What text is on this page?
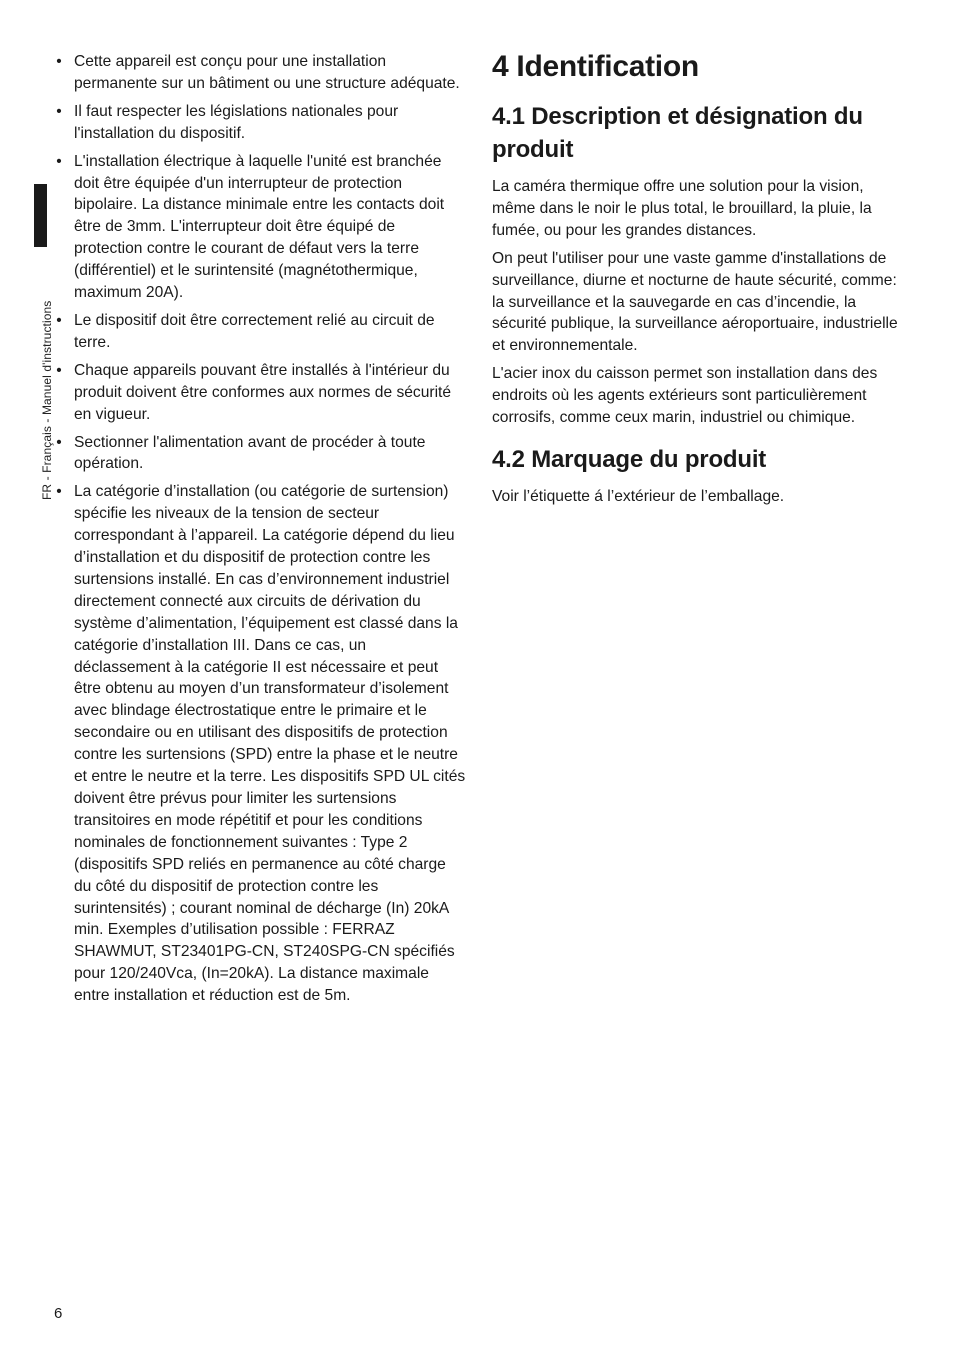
FR - Français - Manuel d'instructions
• Cette appareil est conçu pour une installation permanente sur un bâtiment ou une structure adéquate.
• Il faut respecter les législations nationales pour l'installation du dispositif.
• L'installation électrique à laquelle l'unité est branchée doit être équipée d'un interrupteur de protection bipolaire. La distance minimale entre les contacts doit être de 3mm. L'interrupteur doit être équipé de protection contre le courant de défaut vers la terre (différentiel) et le surintensité (magnétothermique, maximum 20A).
• Le dispositif doit être correctement relié au circuit de terre.
• Chaque appareils pouvant être installés à l'intérieur du produit doivent être conformes aux normes de sécurité en vigueur.
• Sectionner l'alimentation avant de procéder à toute opération.
• La catégorie d’installation (ou catégorie de surtension) spécifie les niveaux de la tension de secteur correspondant à l’appareil. La catégorie dépend du lieu d’installation et du dispositif de protection contre les surtensions installé. En cas d’environnement industriel directement connecté aux circuits de dérivation du système d’alimentation, l’équipement est classé dans la catégorie d’installation III. Dans ce cas, un déclassement à la catégorie II est nécessaire et peut être obtenu au moyen d’un transformateur d’isolement avec blindage électrostatique entre le primaire et le secondaire ou en utilisant des dispositifs de protection contre les surtensions (SPD) entre la phase et le neutre et entre le neutre et la terre. Les dispositifs SPD UL cités doivent être prévus pour limiter les surtensions transitoires en mode répétitif et pour les conditions nominales de fonctionnement suivantes : Type 2 (dispositifs SPD reliés en permanence au côté charge du côté du dispositif de protection contre les surintensités) ; courant nominal de décharge (In) 20kA min. Exemples d’utilisation possible : FERRAZ SHAWMUT, ST23401PG-CN, ST240SPG-CN spécifiés pour 120/240Vca, (In=20kA). La distance maximale entre installation et réduction est de 5m.
4 Identification
4.1 Description et désignation du produit

La caméra thermique offre une solution pour la vision, même dans le noir le plus total, le brouillard, la pluie, la fumée, ou pour les grandes distances.

On peut l'utiliser pour une vaste gamme d'installations de surveillance, diurne et nocturne de haute sécurité, comme: la surveillance et la sauvegarde en cas d’incendie, la sécurité publique, la surveillance aéroportuaire, industrielle et environnementale.

L'acier inox du caisson permet son installation dans des endroits où les agents extérieurs sont particulièrement corrosifs, comme ceux marin, industriel ou chimique.

4.2 Marquage du produit

Voir l’étiquette á l’extérieur de l’emballage.

6
